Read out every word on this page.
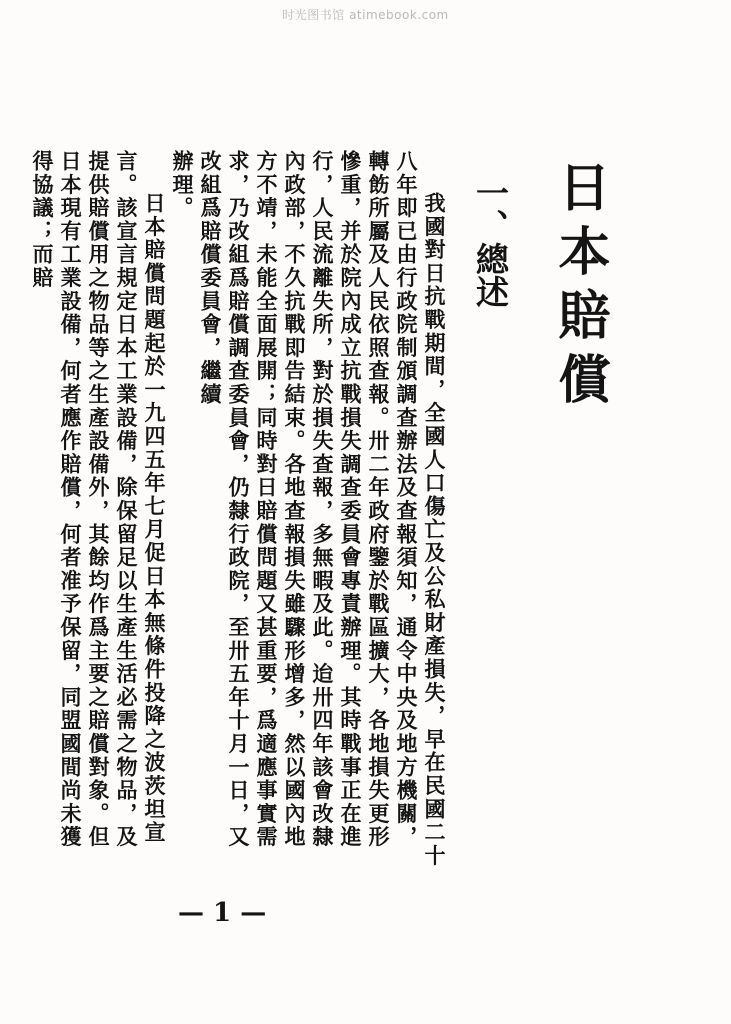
时光图书馆 atimebook.com
日本賠償
一、總述

我國對日抗戰期間，全國人口傷亡及公私財產損失，早在民國二十八年即已由行政院制頒調查辦法及查報須知，通令中央及地方機關，轉飭所屬及人民依照查報。卅二年政府鑒於戰區擴大，各地損失更形慘重，并於院內成立抗戰損失調查委員會專責辦理。其時戰事正在進行，人民流離失所，對於損失查報，多無暇及此。迨卅四年該會改隸內政部，不久抗戰即告結束。各地查報損失雖驟形增多，然以國內地方不靖，未能全面展開；同時對日賠償問題又甚重要，爲適應事實需求，乃改組爲賠償調查委員會，仍隸行政院，至卅五年十月一日，又改組爲賠償委員會，繼續

辦理。

日本賠償問題起於一九四五年七月促日本無條件投降之波茨坦宣言。該宣言規定日本工業設備，除保留足以生產生活必需之物品，及提供賠償用之物品等之生產設備外，其餘均作爲主要之賠償對象。但日本現有工業設備，何者應作賠償，何者准予保留，同盟國間尚未獲得協議；而賠

— 1 —
